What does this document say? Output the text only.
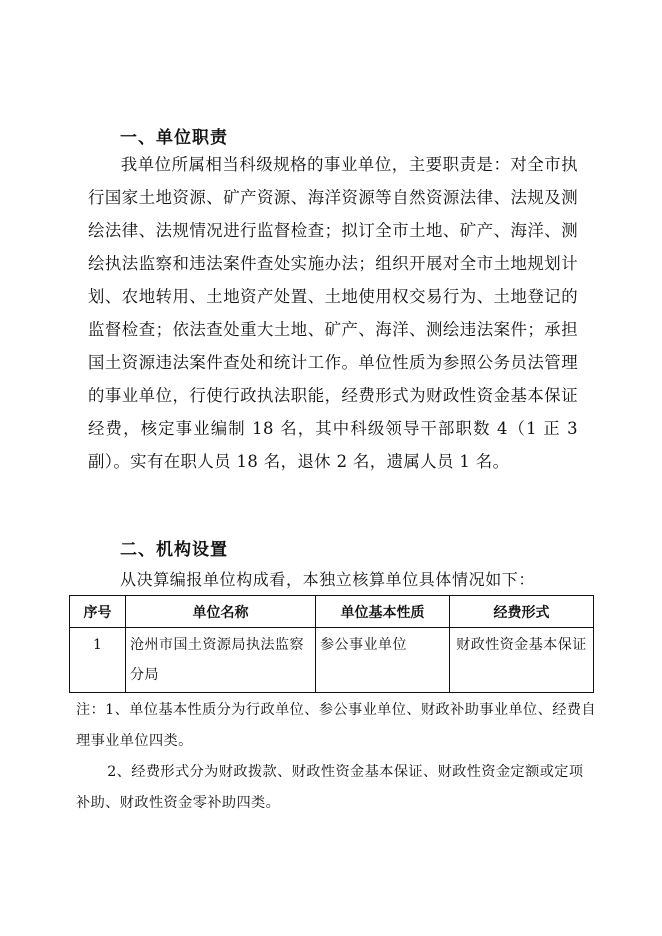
一、单位职责

我单位所属相当科级规格的事业单位，主要职责是：对全市执行国家土地资源、矿产资源、海洋资源等自然资源法律、法规及测绘法律、法规情况进行监督检查；拟订全市土地、矿产、海洋、测绘执法监察和违法案件查处实施办法；组织开展对全市土地规划计划、农地转用、土地资产处置、土地使用权交易行为、土地登记的监督检查；依法查处重大土地、矿产、海洋、测绘违法案件；承担国土资源违法案件查处和统计工作。单位性质为参照公务员法管理的事业单位，行使行政执法职能，经费形式为财政性资金基本保证经费，核定事业编制 18 名，其中科级领导干部职数 4（1 正 3 副）。实有在职人员 18 名，退休 2 名，遗属人员 1 名。

二、机构设置
从决算编报单位构成看，本独立核算单位具体情况如下：
序号	单位名称	单位基本性质	经费形式
1	沧州市国土资源局执法监察分局	参公事业单位	财政性资金基本保证

注：1、单位基本性质分为行政单位、参公事业单位、财政补助事业单位、经费自理事业单位四类。

2、经费形式分为财政拨款、财政性资金基本保证、财政性资金定额或定项补助、财政性资金零补助四类。
